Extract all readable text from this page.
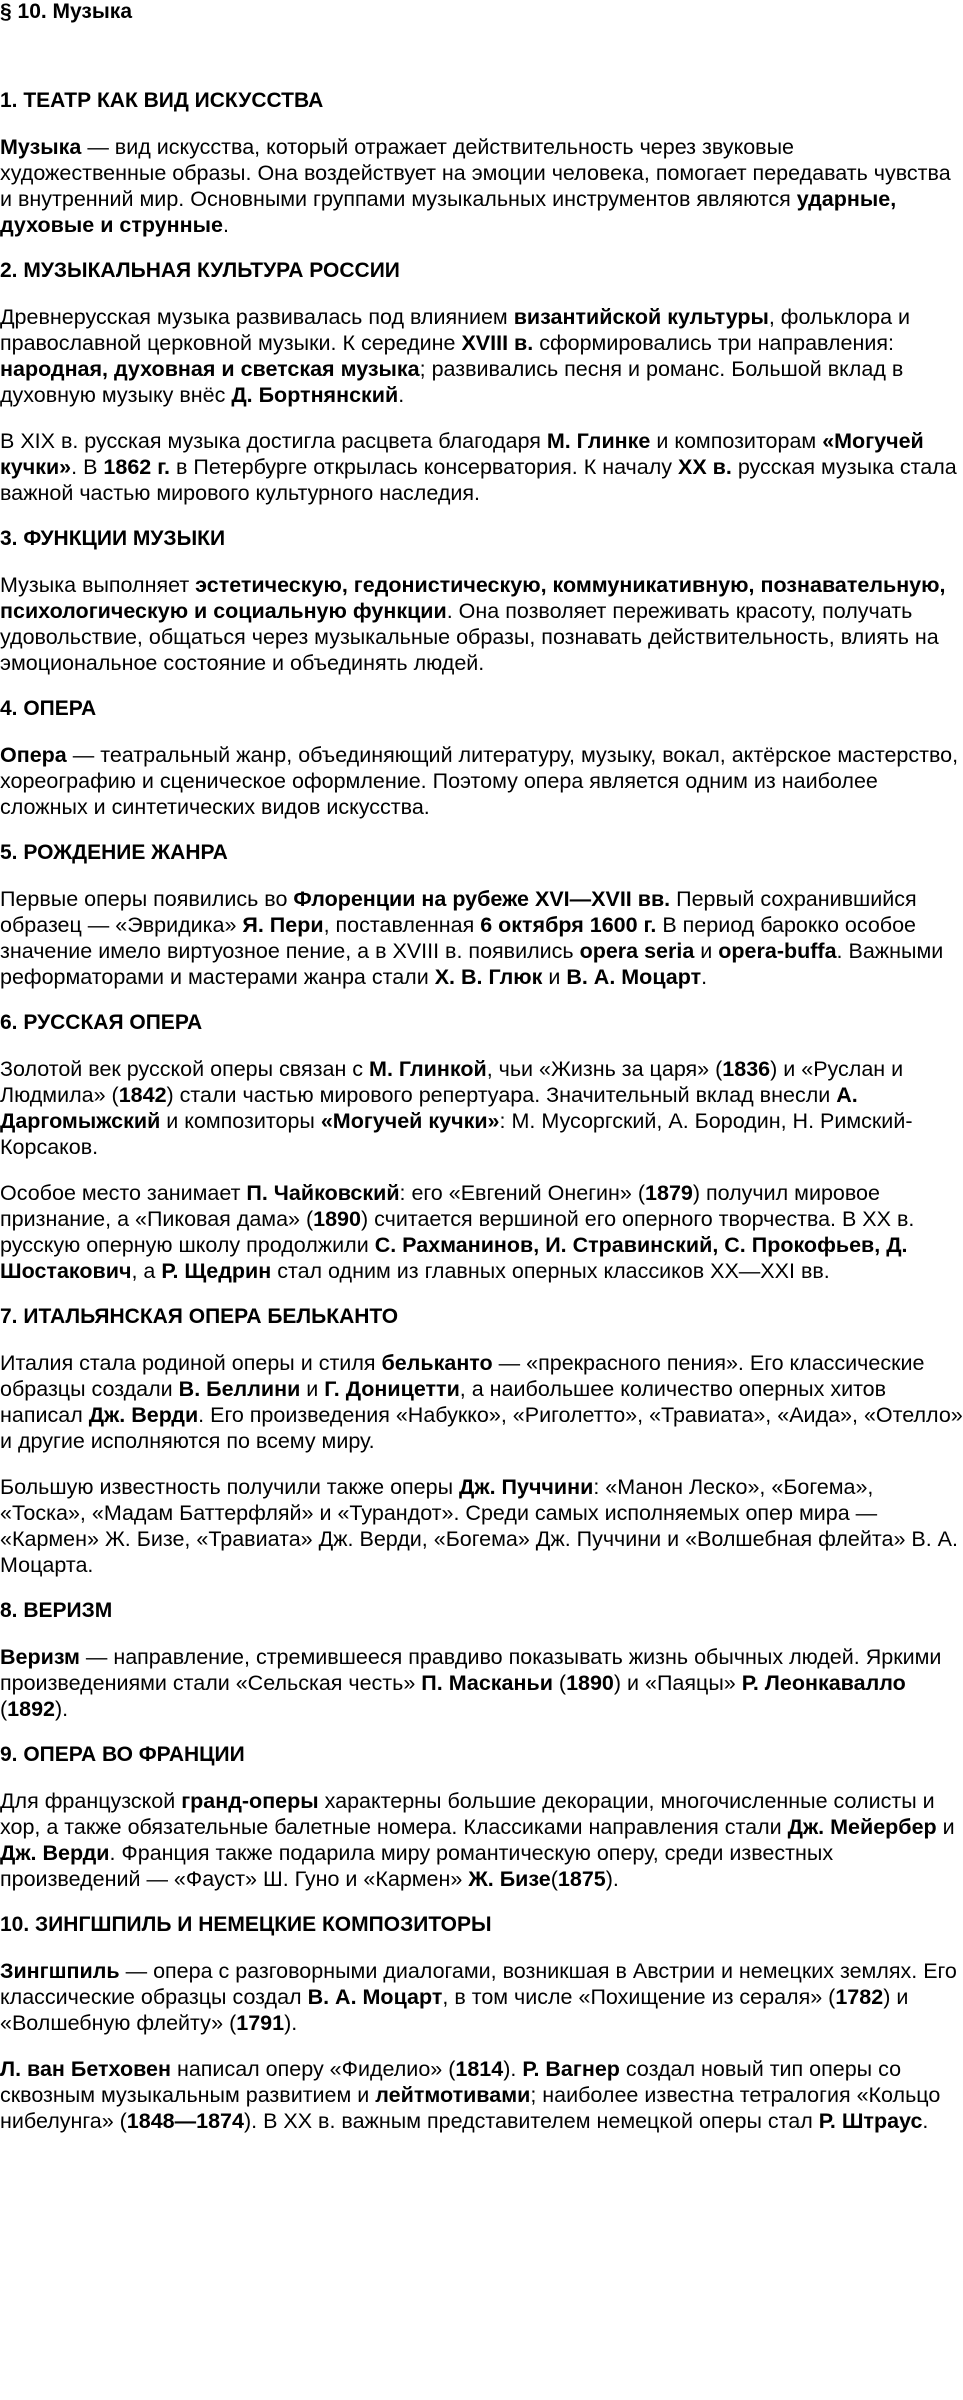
§ 10. Музыка
1. ТЕАТР КАК ВИД ИСКУССТВА

Музыка — вид искусства, который отражает действительность через звуковые художественные образы. Она воздействует на эмоции человека, помогает передавать чувства и внутренний мир. Основными группами музыкальных инструментов являются ударные, духовые и струнные.

2. МУЗЫКАЛЬНАЯ КУЛЬТУРА РОССИИ

Древнерусская музыка развивалась под влиянием византийской культуры, фольклора и православной церковной музыки. К середине XVIII в. сформировались три направления: народная, духовная и светская музыка; развивались песня и романс. Большой вклад в духовную музыку внёс Д. Бортнянский.

В XIX в. русская музыка достигла расцвета благодаря М. Глинке и композиторам «Могучей кучки». В 1862 г. в Петербурге открылась консерватория. К началу XX в. русская музыка стала важной частью мирового культурного наследия.

3. ФУНКЦИИ МУЗЫКИ

Музыка выполняет эстетическую, гедонистическую, коммуникативную, познавательную, психологическую и социальную функции. Она позволяет переживать красоту, получать удовольствие, общаться через музыкальные образы, познавать действительность, влиять на эмоциональное состояние и объединять людей.

4. ОПЕРА

Опера — театральный жанр, объединяющий литературу, музыку, вокал, актёрское мастерство, хореографию и сценическое оформление. Поэтому опера является одним из наиболее сложных и синтетических видов искусства.

5. РОЖДЕНИЕ ЖАНРА

Первые оперы появились во Флоренции на рубеже XVI—XVII вв. Первый сохранившийся образец — «Эвридика» Я. Пери, поставленная 6 октября 1600 г. В период барокко особое значение имело виртуозное пение, а в XVIII в. появились opera seria и opera-buffa. Важными реформаторами и мастерами жанра стали Х. В. Глюк и В. А. Моцарт.

6. РУССКАЯ ОПЕРА

Золотой век русской оперы связан с М. Глинкой, чьи «Жизнь за царя» (1836) и «Руслан и Людмила» (1842) стали частью мирового репертуара. Значительный вклад внесли А. Даргомыжский и композиторы «Могучей кучки»: М. Мусоргский, А. Бородин, Н. Римский-Корсаков.

Особое место занимает П. Чайковский: его «Евгений Онегин» (1879) получил мировое признание, а «Пиковая дама» (1890) считается вершиной его оперного творчества. В XX в. русскую оперную школу продолжили С. Рахманинов, И. Стравинский, С. Прокофьев, Д. Шостакович, а Р. Щедрин стал одним из главных оперных классиков XX—XXI вв.

7. ИТАЛЬЯНСКАЯ ОПЕРА БЕЛЬКАНТО

Италия стала родиной оперы и стиля бельканто — «прекрасного пения». Его классические образцы создали В. Беллини и Г. Доницетти, а наибольшее количество оперных хитов написал Дж. Верди. Его произведения «Набукко», «Риголетто», «Травиата», «Аида», «Отелло» и другие исполняются по всему миру.

Большую известность получили также оперы Дж. Пуччини: «Манон Леско», «Богема», «Тоска», «Мадам Баттерфляй» и «Турандот». Среди самых исполняемых опер мира — «Кармен» Ж. Бизе, «Травиата» Дж. Верди, «Богема» Дж. Пуччини и «Волшебная флейта» В. А. Моцарта.

8. ВЕРИЗМ

Веризм — направление, стремившееся правдиво показывать жизнь обычных людей. Яркими произведениями стали «Сельская честь» П. Масканьи (1890) и «Паяцы» Р. Леонкавалло (1892).

9. ОПЕРА ВО ФРАНЦИИ

Для французской гранд-оперы характерны большие декорации, многочисленные солисты и хор, а также обязательные балетные номера. Классиками направления стали Дж. Мейербер и Дж. Верди. Франция также подарила миру романтическую оперу, среди известных произведений — «Фауст» Ш. Гуно и «Кармен» Ж. Бизе(1875).

10. ЗИНГШПИЛЬ И НЕМЕЦКИЕ КОМПОЗИТОРЫ

Зингшпиль — опера с разговорными диалогами, возникшая в Австрии и немецких землях. Его классические образцы создал В. А. Моцарт, в том числе «Похищение из сераля» (1782) и «Волшебную флейту» (1791).

Л. ван Бетховен написал оперу «Фиделио» (1814). Р. Вагнер создал новый тип оперы со сквозным музыкальным развитием и лейтмотивами; наиболее известна тетралогия «Кольцо нибелунга» (1848—1874). В XX в. важным представителем немецкой оперы стал Р. Штраус.
